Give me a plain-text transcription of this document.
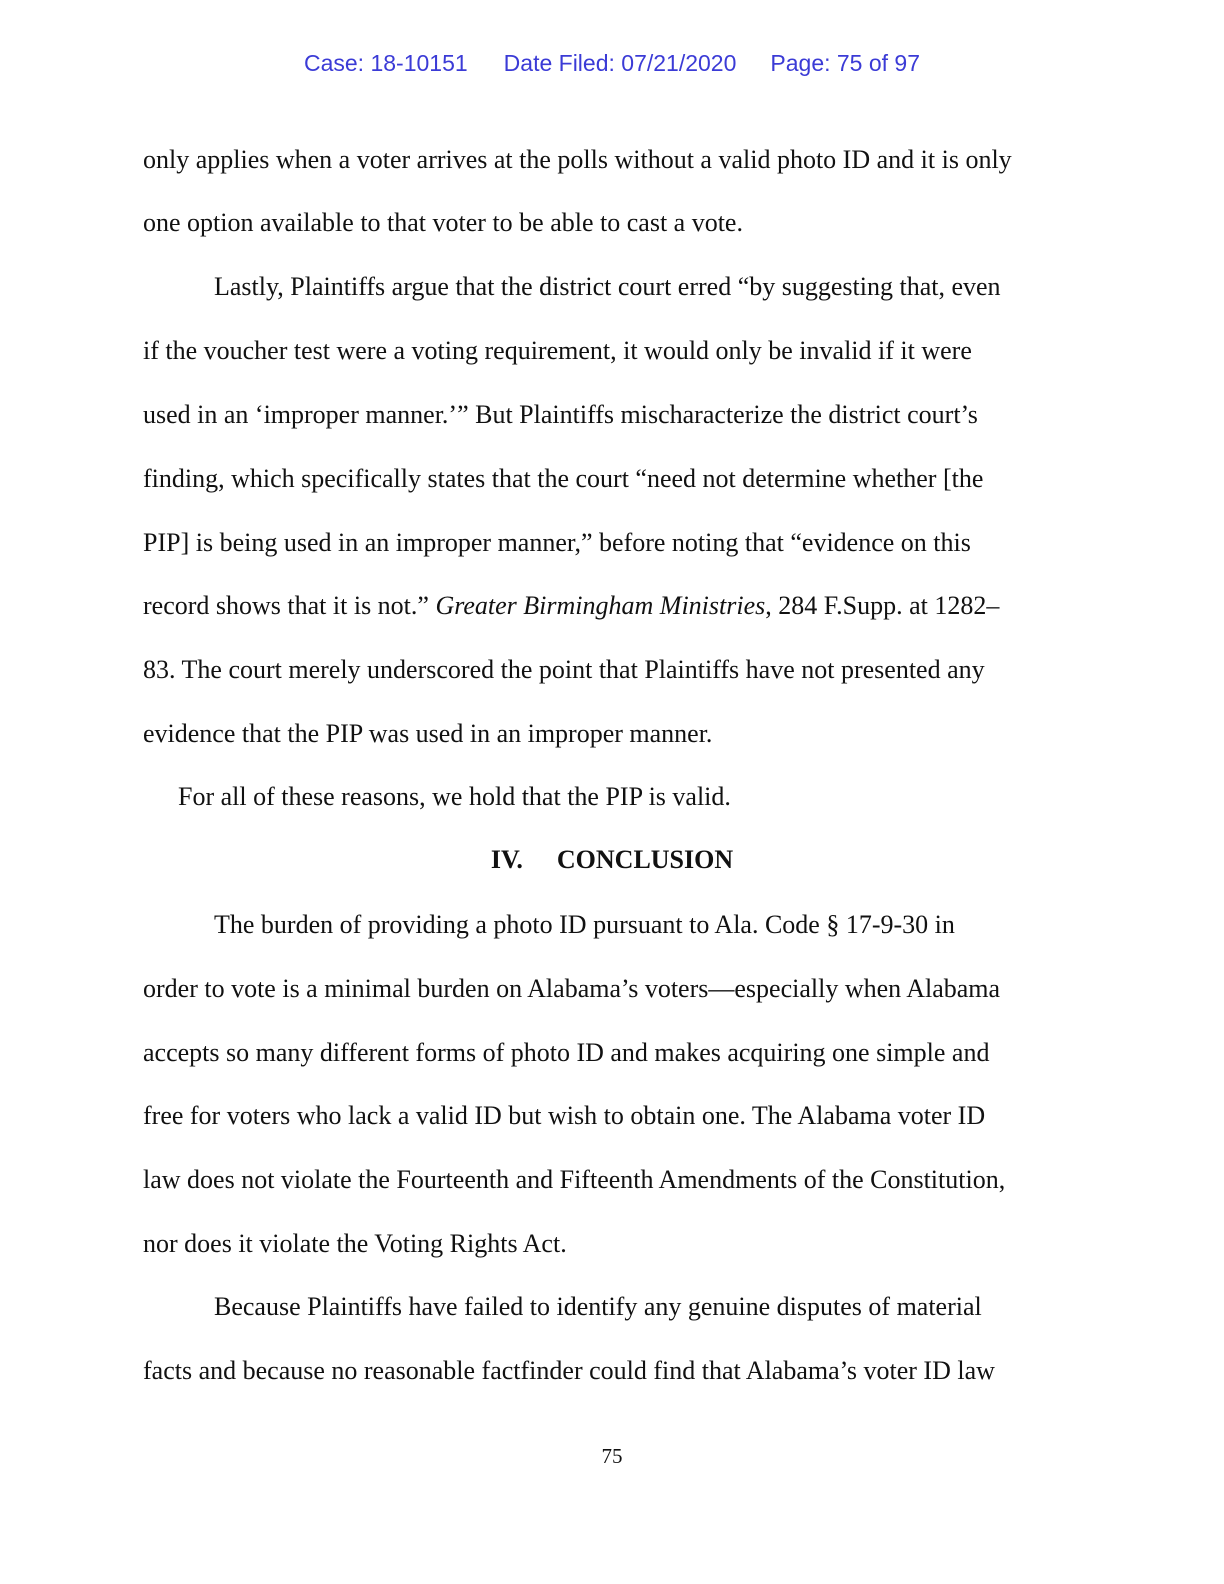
Case: 18-10151 Date Filed: 07/21/2020 Page: 75 of 97
only applies when a voter arrives at the polls without a valid photo ID and it is only
one option available to that voter to be able to cast a vote.
Lastly, Plaintiffs argue that the district court erred “by suggesting that, even
if the voucher test were a voting requirement, it would only be invalid if it were
used in an ‘improper manner.’” But Plaintiffs mischaracterize the district court’s
finding, which specifically states that the court “need not determine whether [the
PIP] is being used in an improper manner,” before noting that “evidence on this
record shows that it is not.” Greater Birmingham Ministries, 284 F.Supp. at 1282–
83. The court merely underscored the point that Plaintiffs have not presented any
evidence that the PIP was used in an improper manner.
For all of these reasons, we hold that the PIP is valid.
IV. CONCLUSION
The burden of providing a photo ID pursuant to Ala. Code § 17-9-30 in
order to vote is a minimal burden on Alabama’s voters—especially when Alabama
accepts so many different forms of photo ID and makes acquiring one simple and
free for voters who lack a valid ID but wish to obtain one. The Alabama voter ID
law does not violate the Fourteenth and Fifteenth Amendments of the Constitution,
nor does it violate the Voting Rights Act.
Because Plaintiffs have failed to identify any genuine disputes of material
facts and because no reasonable factfinder could find that Alabama’s voter ID law
75
